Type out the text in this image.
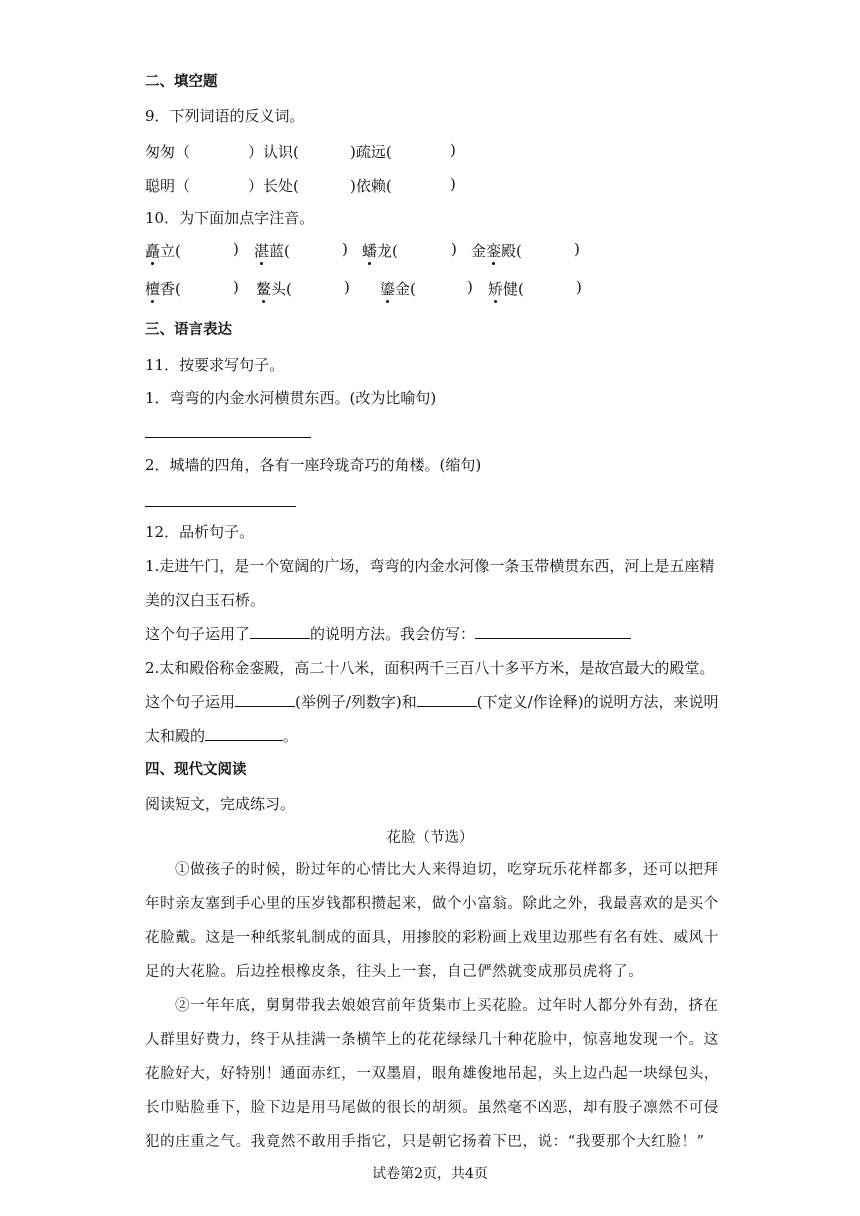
二、填空题
9．下列词语的反义词。
匆匆（	）认识(	)疏远(	)
聪明（	）长处(	)依赖(	)
10．为下面加点字注音。
矗立(	) 湛蓝(	) 蟠龙(	) 金銮殿(	)
檀香(	) 鳌头(	) 鎏金(	) 矫健(	)
三、语言表达
11．按要求写句子。
1．弯弯的内金水河横贯东西。(改为比喻句)
2．城墙的四角，各有一座玲珑奇巧的角楼。(缩句)
12．品析句子。
1.走进午门，是一个宽阔的广场，弯弯的内金水河像一条玉带横贯东西，河上是五座精
美的汉白玉石桥。
这个句子运用了	的说明方法。我会仿写：
2.太和殿俗称金銮殿，高二十八米，面积两千三百八十多平方米，是故宫最大的殿堂。
这个句子运用	(举例子/列数字)和	(下定义/作诠释)的说明方法，来说明
太和殿的	。
四、现代文阅读
阅读短文，完成练习。
花脸（节选）
①做孩子的时候，盼过年的心情比大人来得迫切，吃穿玩乐花样都多，还可以把拜
年时亲友塞到手心里的压岁钱都积攒起来，做个小富翁。除此之外，我最喜欢的是买个
花脸戴。这是一种纸浆轧制成的面具，用掺胶的彩粉画上戏里边那些有名有姓、威风十
足的大花脸。后边拴根橡皮条，往头上一套，自己俨然就变成那员虎将了。
②一年年底，舅舅带我去娘娘宫前年货集市上买花脸。过年时人都分外有劲，挤在
人群里好费力，终于从挂满一条横竿上的花花绿绿几十种花脸中，惊喜地发现一个。这
花脸好大，好特别！通面赤红，一双墨眉，眼角雄俊地吊起，头上边凸起一块绿包头，
长巾贴脸垂下，脸下边是用马尾做的很长的胡须。虽然毫不凶恶，却有股子凛然不可侵
犯的庄重之气。我竟然不敢用手指它，只是朝它扬着下巴，说：“我要那个大红脸！”
试卷第2页，共4页
